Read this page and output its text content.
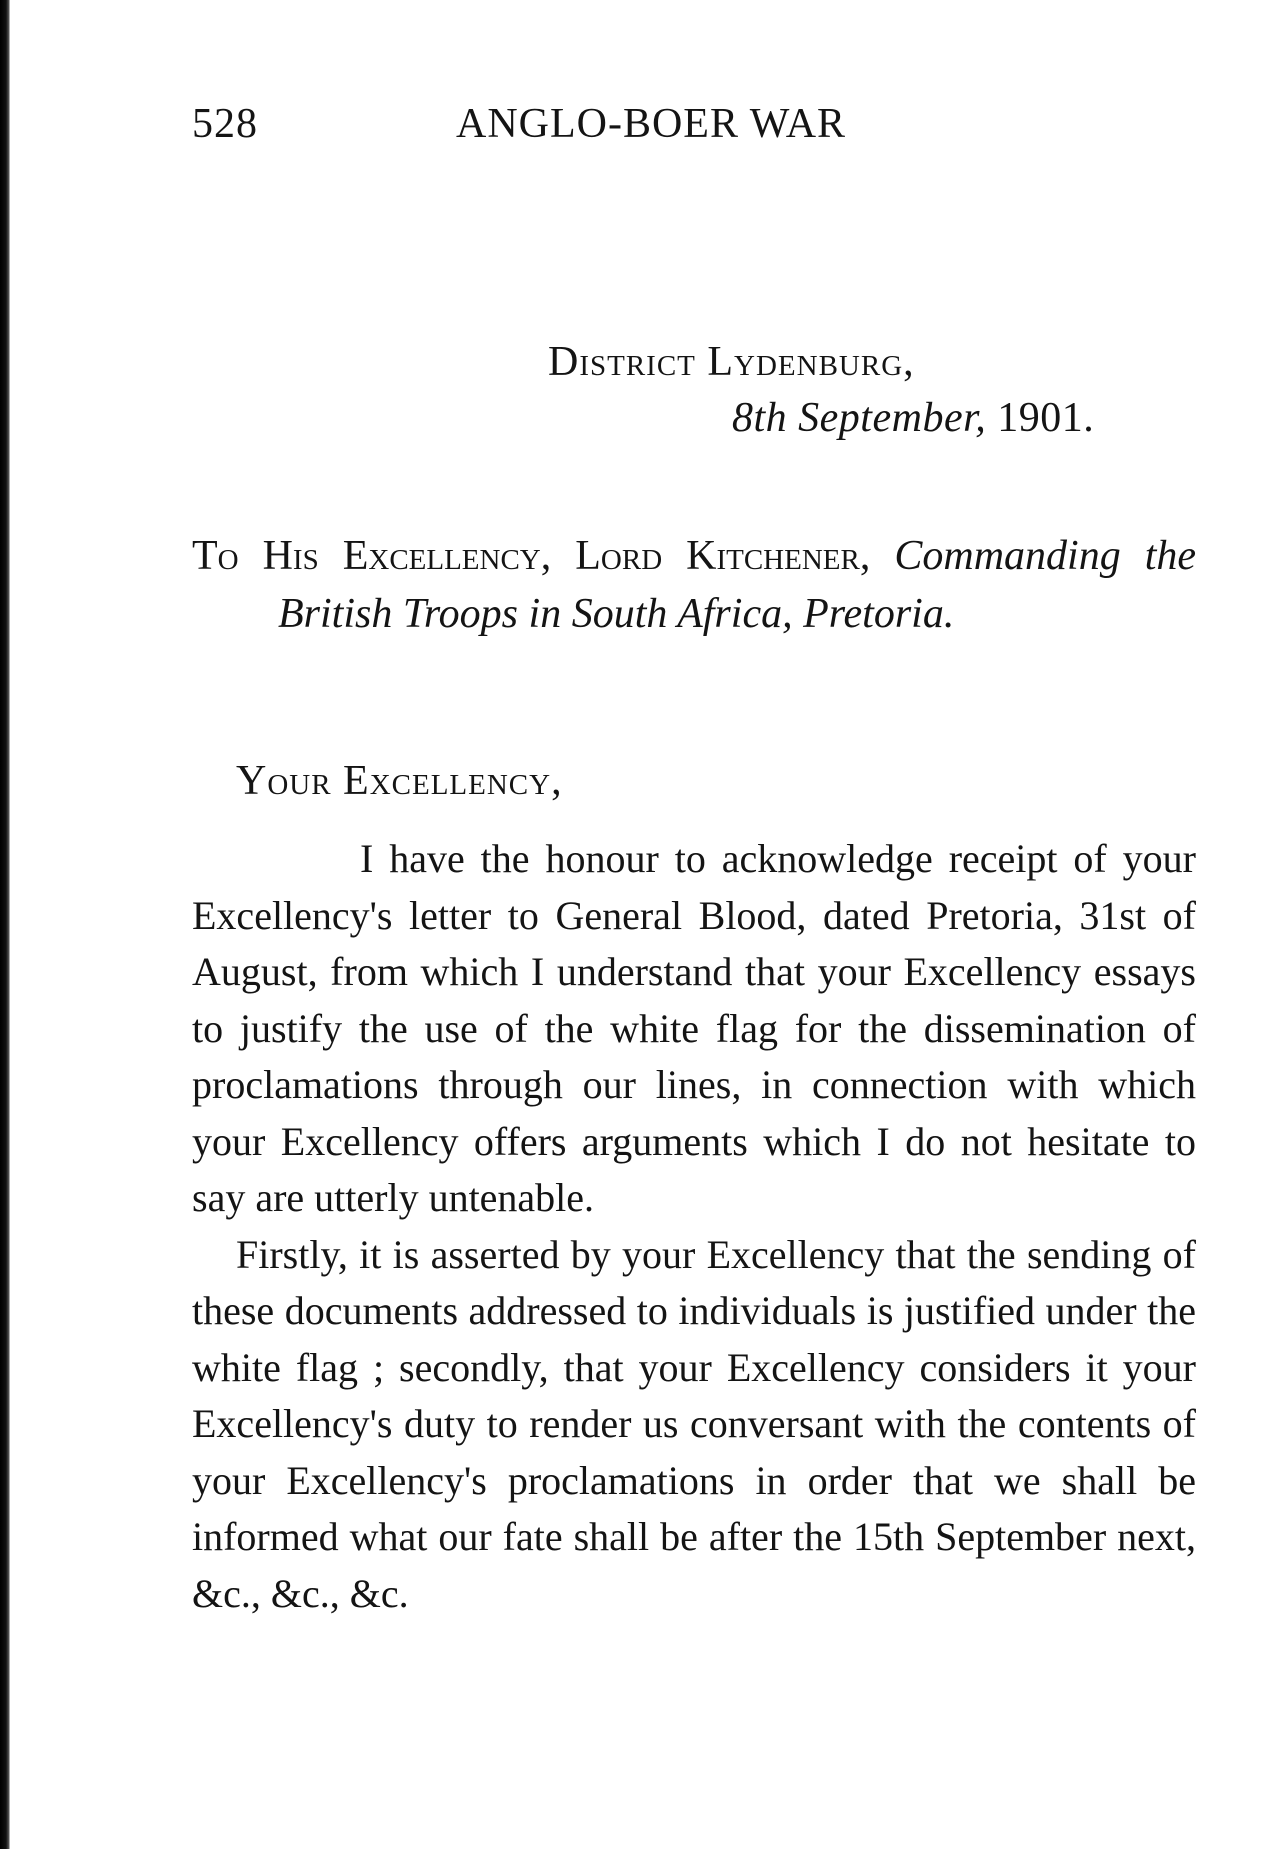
528	ANGLO-BOER WAR
District Lydenburg,
8th September, 1901.
To His Excellency, Lord Kitchener, Commanding the British Troops in South Africa, Pretoria.
Your Excellency,

I have the honour to acknowledge receipt of your Excellency's letter to General Blood, dated Pretoria, 31st of August, from which I understand that your Excellency essays to justify the use of the white flag for the dissemination of proclamations through our lines, in connection with which your Excellency offers arguments which I do not hesitate to say are utterly untenable.

Firstly, it is asserted by your Excellency that the sending of these documents addressed to individuals is justified under the white flag ; secondly, that your Excellency considers it your Excellency's duty to render us conversant with the contents of your Excellency's proclamations in order that we shall be informed what our fate shall be after the 15th September next, &c., &c., &c.
